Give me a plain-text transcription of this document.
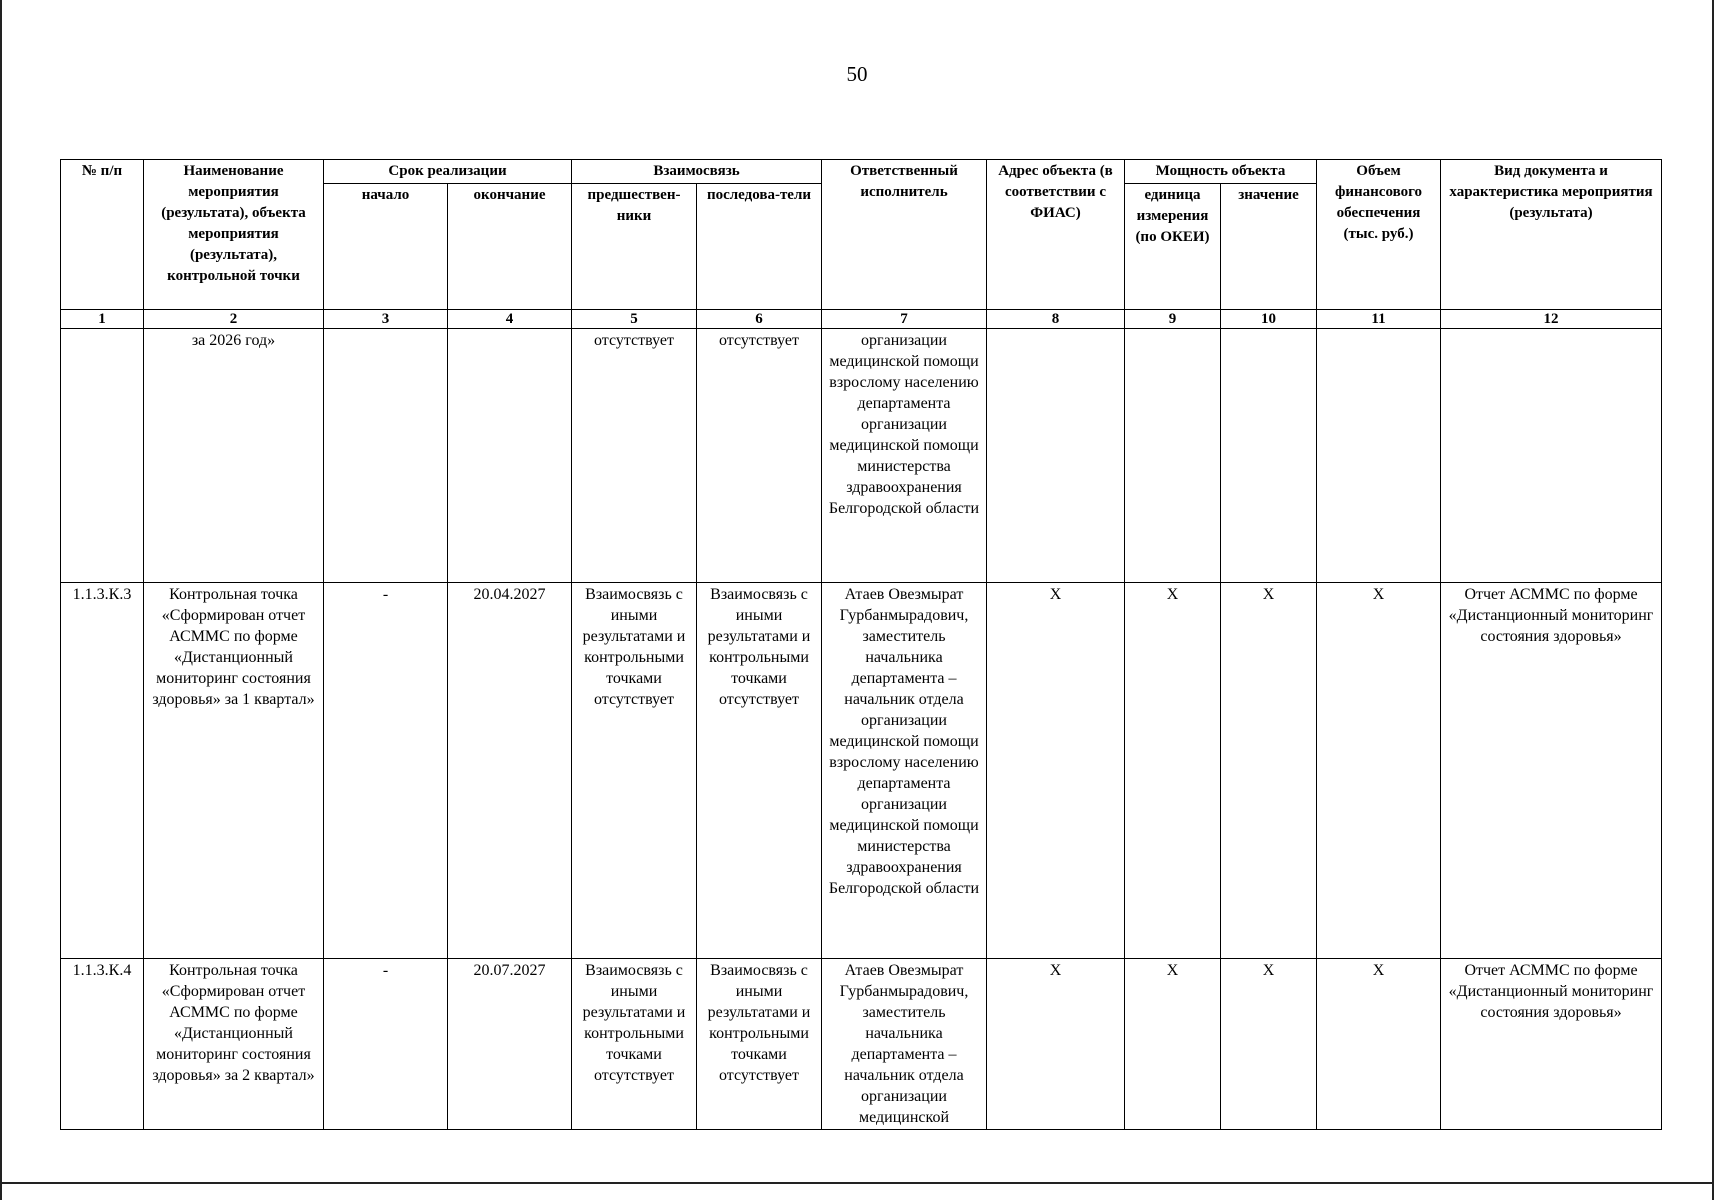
50
№ п/п	Наименование мероприятия (результата), объекта мероприятия (результата), контрольной точки	Срок реализации		Взаимосвязь		Ответственный исполнитель	Адрес объекта (в соответствии с ФИАС)	Мощность объекта		Объем финансового обеспечения (тыс. руб.)	Вид документа и характеристика мероприятия (результата)
		начало	окончание	предшествен-ники	последова-тели			единица измерения (по ОКЕИ)	значение		
1	2	3	4	5	6	7	8	9	10	11	12
	за 2026 год»			отсутствует	отсутствует	организации медицинской помощи взрослому населению департамента организации медицинской помощи министерства здравоохранения Белгородской области					
1.1.3.К.3	Контрольная точка «Сформирован отчет АСММС по форме «Дистанционный мониторинг состояния здоровья» за 1 квартал»	-	20.04.2027	Взаимосвязь с иными результатами и контрольными точками отсутствует	Взаимосвязь с иными результатами и контрольными точками отсутствует	Атаев Овезмырат Гурбанмырадович, заместитель начальника департамента – начальник отдела организации медицинской помощи взрослому населению департамента организации медицинской помощи министерства здравоохранения Белгородской области	X	X	X	X	Отчет АСММС по форме «Дистанционный мониторинг состояния здоровья»
1.1.3.К.4	Контрольная точка «Сформирован отчет АСММС по форме «Дистанционный мониторинг состояния здоровья» за 2 квартал»	-	20.07.2027	Взаимосвязь с иными результатами и контрольными точками отсутствует	Взаимосвязь с иными результатами и контрольными точками отсутствует	Атаев Овезмырат Гурбанмырадович, заместитель начальника департамента – начальник отдела организации медицинской	X	X	X	X	Отчет АСММС по форме «Дистанционный мониторинг состояния здоровья»
